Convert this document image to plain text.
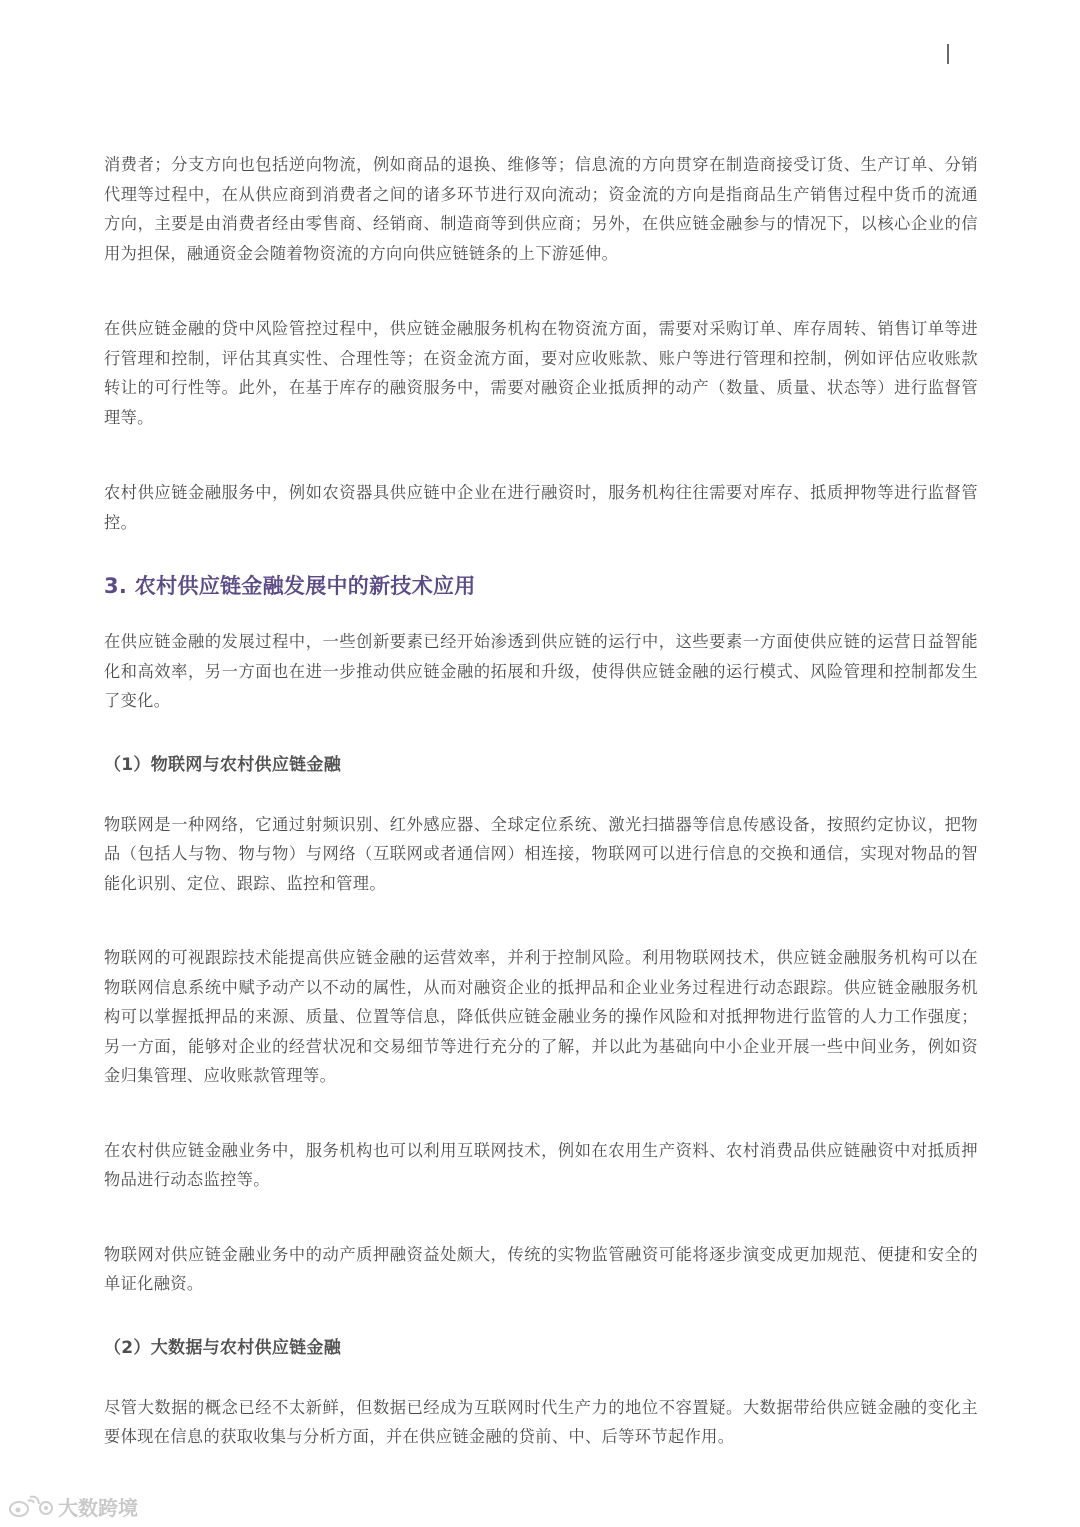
消费者；分支方向也包括逆向物流，例如商品的退换、维修等；信息流的方向贯穿在制造商接受订货、生产订单、分销代理等过程中，在从供应商到消费者之间的诸多环节进行双向流动；资金流的方向是指商品生产销售过程中货币的流通方向，主要是由消费者经由零售商、经销商、制造商等到供应商；另外，在供应链金融参与的情况下，以核心企业的信用为担保，融通资金会随着物资流的方向向供应链链条的上下游延伸。

在供应链金融的贷中风险管控过程中，供应链金融服务机构在物资流方面，需要对采购订单、库存周转、销售订单等进行管理和控制，评估其真实性、合理性等；在资金流方面，要对应收账款、账户等进行管理和控制，例如评估应收账款转让的可行性等。此外，在基于库存的融资服务中，需要对融资企业抵质押的动产（数量、质量、状态等）进行监督管理等。

农村供应链金融服务中，例如农资器具供应链中企业在进行融资时，服务机构往往需要对库存、抵质押物等进行监督管控。

3. 农村供应链金融发展中的新技术应用

在供应链金融的发展过程中，一些创新要素已经开始渗透到供应链的运行中，这些要素一方面使供应链的运营日益智能化和高效率，另一方面也在进一步推动供应链金融的拓展和升级，使得供应链金融的运行模式、风险管理和控制都发生了变化。

（1）物联网与农村供应链金融

物联网是一种网络，它通过射频识别、红外感应器、全球定位系统、激光扫描器等信息传感设备，按照约定协议，把物品（包括人与物、物与物）与网络（互联网或者通信网）相连接，物联网可以进行信息的交换和通信，实现对物品的智能化识别、定位、跟踪、监控和管理。

物联网的可视跟踪技术能提高供应链金融的运营效率，并利于控制风险。利用物联网技术，供应链金融服务机构可以在物联网信息系统中赋予动产以不动的属性，从而对融资企业的抵押品和企业业务过程进行动态跟踪。供应链金融服务机构可以掌握抵押品的来源、质量、位置等信息，降低供应链金融业务的操作风险和对抵押物进行监管的人力工作强度；另一方面，能够对企业的经营状况和交易细节等进行充分的了解，并以此为基础向中小企业开展一些中间业务，例如资金归集管理、应收账款管理等。

在农村供应链金融业务中，服务机构也可以利用互联网技术，例如在农用生产资料、农村消费品供应链融资中对抵质押物品进行动态监控等。

物联网对供应链金融业务中的动产质押融资益处颇大，传统的实物监管融资可能将逐步演变成更加规范、便捷和安全的单证化融资。

（2）大数据与农村供应链金融

尽管大数据的概念已经不太新鲜，但数据已经成为互联网时代生产力的地位不容置疑。大数据带给供应链金融的变化主要体现在信息的获取收集与分析方面，并在供应链金融的贷前、中、后等环节起作用。

大数跨境
